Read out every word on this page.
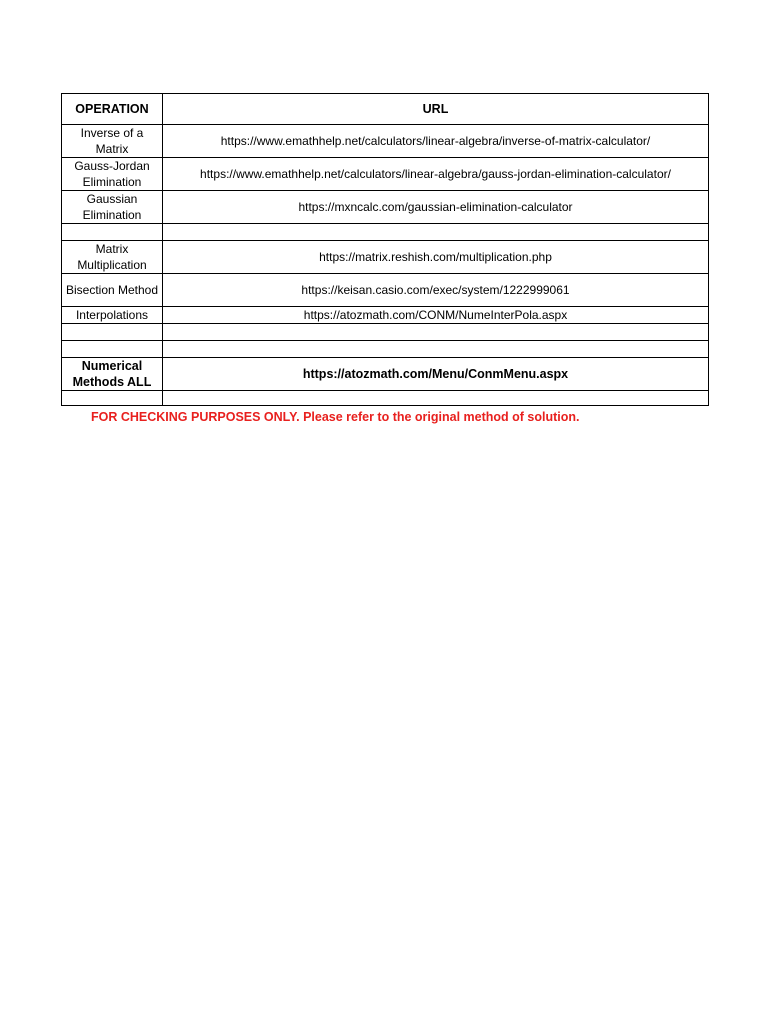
OPERATION	URL
Inverse of a Matrix	https://www.emathhelp.net/calculators/linear-algebra/inverse-of-matrix-calculator/
Gauss-Jordan Elimination	https://www.emathhelp.net/calculators/linear-algebra/gauss-jordan-elimination-calculator/
Gaussian Elimination	https://mxncalc.com/gaussian-elimination-calculator

Matrix Multiplication	https://matrix.reshish.com/multiplication.php
Bisection Method	https://keisan.casio.com/exec/system/1222999061
Interpolations	https://atozmath.com/CONM/NumeInterPola.aspx

Numerical Methods ALL	https://atozmath.com/Menu/ConmMenu.aspx

FOR CHECKING PURPOSES ONLY. Please refer to the original method of solution.
